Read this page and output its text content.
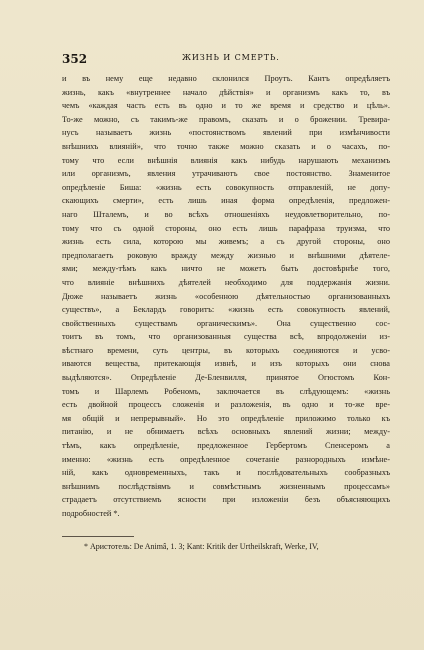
352	ЖИЗНЬ И СМЕРТЬ.
и въ нему еще недавно склонился Проутъ. Кантъ опредѣляетъ
жизнь, какъ «внутреннее начало дѣйствія» и организмъ какъ то, въ
чемъ «каждая часть есть въ одно и то же время и средство и цѣль».
То-же можно, съ такимъ-же правомъ, сказать и о брожении. Тревира-
нусъ называетъ жизнь «постоянствомъ явлений при измѣнчивости
внѣшнихъ влияній», что точно также можно сказать и о часахъ, по-
тому что если внѣшнія влиянія какъ нибудь нарушають механизмъ
или организмъ, явления утрачиваютъ свое постоянство. Знаменитое
опредѣленіе Биша: «жизнь есть совокупность отправленій, не допу-
скающихъ смерти», есть лишь иная форма опредѣленія, предложен-
наго Шталемъ, и во всѣхъ отношенiяхъ неудовлетворительно, по-
тому что съ одной стороны, оно есть лишь парафраза труизма, что
жизнь есть сила, которою мы живемъ; а съ другой стороны, оно
предполагаетъ роковую вражду между жизнью и внѣшними дѣятеле-
ями; между-тѣмъ какъ ничто не можетъ быть достовѣрнѣе того,
что влиянiе внѣшнихъ дѣятелей необходимо для поддержанiя жизни.
Дюже называетъ жизнь «особенною дѣятельностью организованныхъ
существъ», а Беклардъ говоритъ: «жизнь есть совокупность явлений,
свойственныхъ существамъ органическимъ». Она существенно сос-
тоитъ въ томъ, что организованныя существа всѣ, впродолженіи из-
вѣстнаго времени, суть центры, въ которыхъ соединяются и усво-
иваются вещества, притекающія извнѣ, и изъ которыхъ они снова
выдѣляются». Опредѣленіе Де-Бленвилля, принятое Огюстомъ Кон-
томъ и Шарлемъ Робеномъ, заключается въ слѣдующемъ: «жизнь
есть двойной процессъ сложенія и разложенія, въ одно и то-же вре-
мя общій и непрерывный». Но это опредѣленіе приложимо только къ
питанію, и не обнимаетъ всѣхъ основныхъ явлений жизни; между-
тѣмъ, какъ опредѣленіе, предложенное Гербертомъ Спенсеромъ а
именно: «жизнь есть опредѣленное сочетаніе разнородныхъ измѣне-
ній, какъ одновременныхъ, такъ и послѣдовательныхъ сообразныхъ
внѣшнимъ послѣдствіямъ и совмѣстнымъ жизненнымъ процессамъ»
страдаетъ отсутствиемъ ясности при изложеніи безъ объясняющихъ
подробностей *.
* Аристотель: De Animâ, 1. 3; Kant: Kritik der Urtheilskraft, Werke, IV,
